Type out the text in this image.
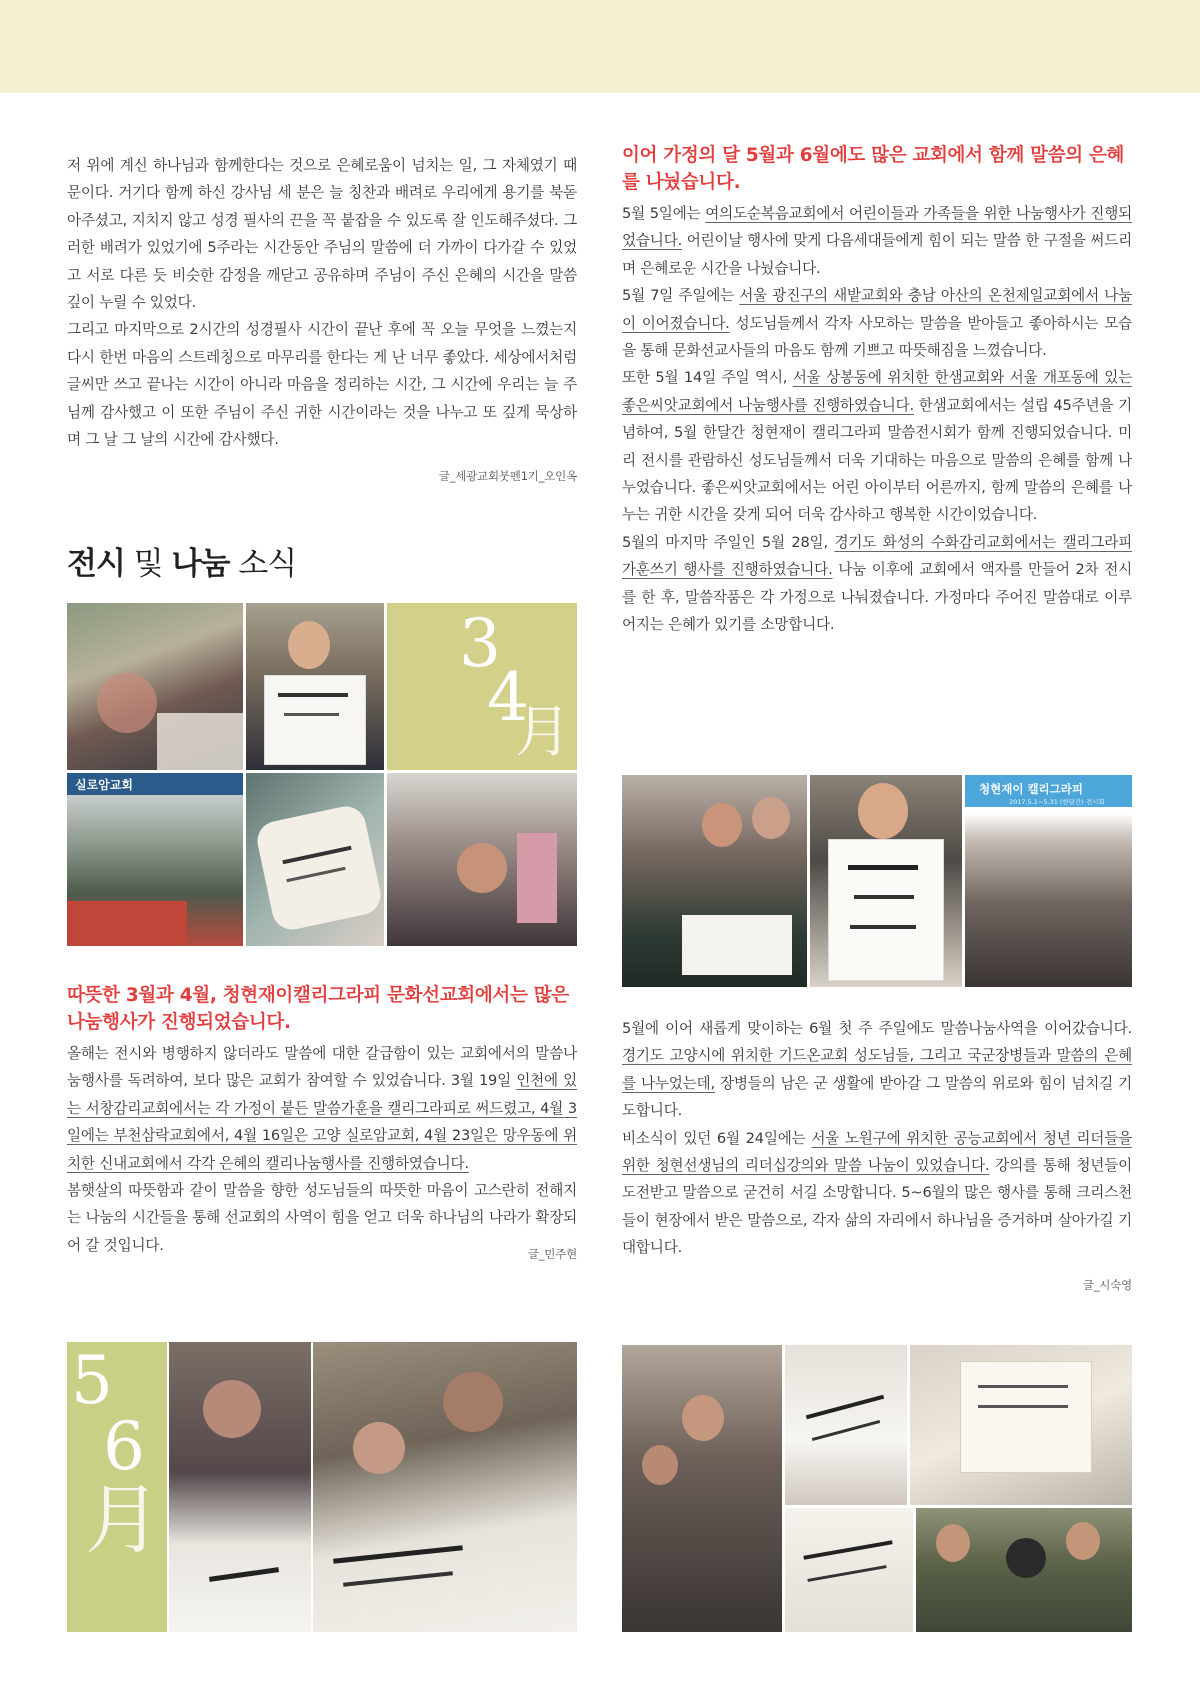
저 위에 계신 하나님과 함께한다는 것으로 은혜로움이 넘치는 일, 그 자체였기 때문이다. 거기다 함께 하신 강사님 세 분은 늘 칭찬과 배려로 우리에게 용기를 북돋아주셨고, 지치지 않고 성경 필사의 끈을 꼭 붙잡을 수 있도록 잘 인도해주셨다. 그러한 배려가 있었기에 5주라는 시간동안 주님의 말씀에 더 가까이 다가갈 수 있었고 서로 다른 듯 비슷한 감정을 깨닫고 공유하며 주님이 주신 은혜의 시간을 말씀 깊이 누릴 수 있었다.

그리고 마지막으로 2시간의 성경필사 시간이 끝난 후에 꼭 오늘 무엇을 느꼈는지 다시 한번 마음의 스트레칭으로 마무리를 한다는 게 난 너무 좋았다. 세상에서처럼 글씨만 쓰고 끝나는 시간이 아니라 마음을 정리하는 시간, 그 시간에 우리는 늘 주님께 감사했고 이 또한 주님이 주신 귀한 시간이라는 것을 나누고 또 깊게 묵상하며 그 날 그 날의 시간에 감사했다.

글_세광교회붓펜1기_오인옥
전시 및 나눔 소식
3
4
月
실로암교회
따뜻한 3월과 4월, 청현재이캘리그라피 문화선교회에서는 많은 나눔행사가 진행되었습니다.

올해는 전시와 병행하지 않더라도 말씀에 대한 갈급함이 있는 교회에서의 말씀나눔행사를 독려하여, 보다 많은 교회가 참여할 수 있었습니다. 3월 19일 인천에 있는 서창감리교회에서는 각 가정이 붙든 말씀가훈을 캘리그라피로 써드렸고, 4월 3일에는 부천삼락교회에서, 4월 16일은 고양 실로암교회, 4월 23일은 망우동에 위치한 신내교회에서 각각 은혜의 캘리나눔행사를 진행하였습니다.

봄햇살의 따뜻함과 같이 말씀을 향한 성도님들의 따뜻한 마음이 고스란히 전해지는 나눔의 시간들을 통해 선교회의 사역이 힘을 얻고 더욱 하나님의 나라가 확장되어 갈 것입니다.

글_민주현
5
6
月
이어 가정의 달 5월과 6월에도 많은 교회에서 함께 말씀의 은혜를 나눴습니다.

5월 5일에는 여의도순복음교회에서 어린이들과 가족들을 위한 나눔행사가 진행되었습니다. 어린이날 행사에 맞게 다음세대들에게 힘이 되는 말씀 한 구절을 써드리며 은혜로운 시간을 나눴습니다.

5월 7일 주일에는 서울 광진구의 새밭교회와 충남 아산의 온천제일교회에서 나눔이 이어졌습니다. 성도님들께서 각자 사모하는 말씀을 받아들고 좋아하시는 모습을 통해 문화선교사들의 마음도 함께 기쁘고 따뜻해짐을 느꼈습니다.

또한 5월 14일 주일 역시, 서울 상봉동에 위치한 한샘교회와 서울 개포동에 있는 좋은씨앗교회에서 나눔행사를 진행하였습니다. 한샘교회에서는 설립 45주년을 기념하여, 5월 한달간 청현재이 캘리그라피 말씀전시회가 함께 진행되었습니다. 미리 전시를 관람하신 성도님들께서 더욱 기대하는 마음으로 말씀의 은혜를 함께 나누었습니다. 좋은씨앗교회에서는 어린 아이부터 어른까지, 함께 말씀의 은혜를 나누는 귀한 시간을 갖게 되어 더욱 감사하고 행복한 시간이었습니다.

5월의 마지막 주일인 5월 28일, 경기도 화성의 수화감리교회에서는 캘리그라피 가훈쓰기 행사를 진행하였습니다. 나눔 이후에 교회에서 액자를 만들어 2차 전시를 한 후, 말씀작품은 각 가정으로 나눠졌습니다. 가정마다 주어진 말씀대로 이루어지는 은혜가 있기를 소망합니다.

청현재이 캘리그라피
2017.5.1~5.31 (한달간) 전시회

5월에 이어 새롭게 맞이하는 6월 첫 주 주일에도 말씀나눔사역을 이어갔습니다. 경기도 고양시에 위치한 기드온교회 성도님들, 그리고 국군장병들과 말씀의 은혜를 나누었는데, 장병들의 남은 군 생활에 받아갈 그 말씀의 위로와 힘이 넘치길 기도합니다.

비소식이 있던 6월 24일에는 서울 노원구에 위치한 공능교회에서 청년 리더들을 위한 청현선생님의 리더십강의와 말씀 나눔이 있었습니다. 강의를 통해 청년들이 도전받고 말씀으로 굳건히 서길 소망합니다. 5~6월의 많은 행사를 통해 크리스천들이 현장에서 받은 말씀으로, 각자 삶의 자리에서 하나님을 증거하며 살아가길 기대합니다.

글_시숙영
